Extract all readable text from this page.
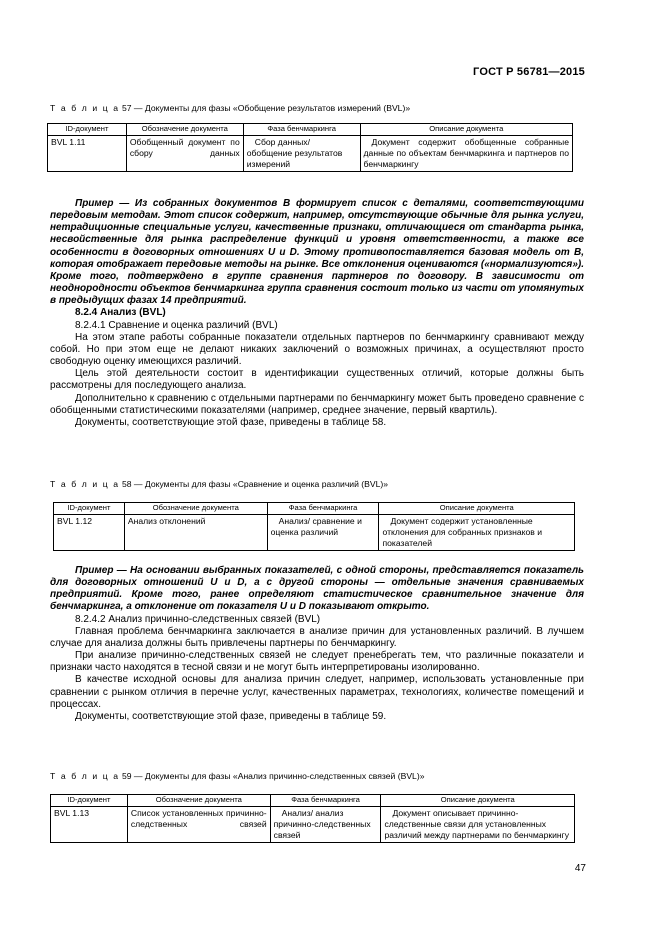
ГОСТ Р 56781—2015
Т а б л и ц а 57 — Документы для фазы «Обобщение результатов измерений (BVL)»
ID-документ	Обозначение документа	Фаза бенчмаркинга	Описание документа
BVL 1.11	Обобщенный документ по сбору данных	Сбор данных/ обобщение результатов измерений	Документ содержит обобщенные собранные данные по объектам бенчмаркинга и партнеров по бенчмаркингу

Пример — Из собранных документов B формирует список с деталями, соответствующими передовым методам. Этот список содержит, например, отсутствующие обычные для рынка услуги, нетрадиционные специальные услуги, качественные признаки, отличающиеся от стандарта рынка, несвойственные для рынка распределение функций и уровня ответственности, а также все особенности в договорных отношениях U и D. Этому противопоставляется базовая модель от B, которая отображает передовые методы на рынке. Все отклонения оцениваются («нормализуются»). Кроме того, подтверждено в группе сравнения партнеров по договору. В зависимости от неоднородности объектов бенчмаркинга группа сравнения состоит только из части от упомянутых в предыдущих фазах 14 предприятий.

8.2.4 Анализ (BVL)

8.2.4.1 Сравнение и оценка различий (BVL)

На этом этапе работы собранные показатели отдельных партнеров по бенчмаркингу сравнивают между собой. Но при этом еще не делают никаких заключений о возможных причинах, а осуществляют просто свободную оценку имеющихся различий.

Цель этой деятельности состоит в идентификации существенных отличий, которые должны быть рассмотрены для последующего анализа.

Дополнительно к сравнению с отдельными партнерами по бенчмаркингу может быть проведено сравнение с обобщенными статистическими показателями (например, среднее значение, первый квартиль).

Документы, соответствующие этой фазе, приведены в таблице 58.

Т а б л и ц а 58 — Документы для фазы «Сравнение и оценка различий (BVL)»
ID-документ	Обозначение документа	Фаза бенчмаркинга	Описание документа
BVL 1.12	Анализ отклонений	Анализ/ сравнение и оценка различий	Документ содержит установленные отклонения для собранных признаков и показателей

Пример — На основании выбранных показателей, с одной стороны, представляется показатель для договорных отношений U и D, а с другой стороны — отдельные значения сравниваемых предприятий. Кроме того, ранее определяют статистическое сравнительное значение для бенчмаркинга, а отклонение от показателя U и D показывают открыто.

8.2.4.2 Анализ причинно-следственных связей (BVL)

Главная проблема бенчмаркинга заключается в анализе причин для установленных различий. В лучшем случае для анализа должны быть привлечены партнеры по бенчмаркингу.

При анализе причинно-следственных связей не следует пренебрегать тем, что различные показатели и признаки часто находятся в тесной связи и не могут быть интерпретированы изолированно.

В качестве исходной основы для анализа причин следует, например, использовать установленные при сравнении с рынком отличия в перечне услуг, качественных параметрах, технологиях, количестве помещений и процессах.

Документы, соответствующие этой фазе, приведены в таблице 59.

Т а б л и ц а 59 — Документы для фазы «Анализ причинно-следственных связей (BVL)»
ID-документ	Обозначение документа	Фаза бенчмаркинга	Описание документа
BVL 1.13	Список установленных причинно-следственных связей	Анализ/ анализ причинно-следственных связей	Документ описывает причинно-следственные связи для установленных различий между партнерами по бенчмаркингу
47
